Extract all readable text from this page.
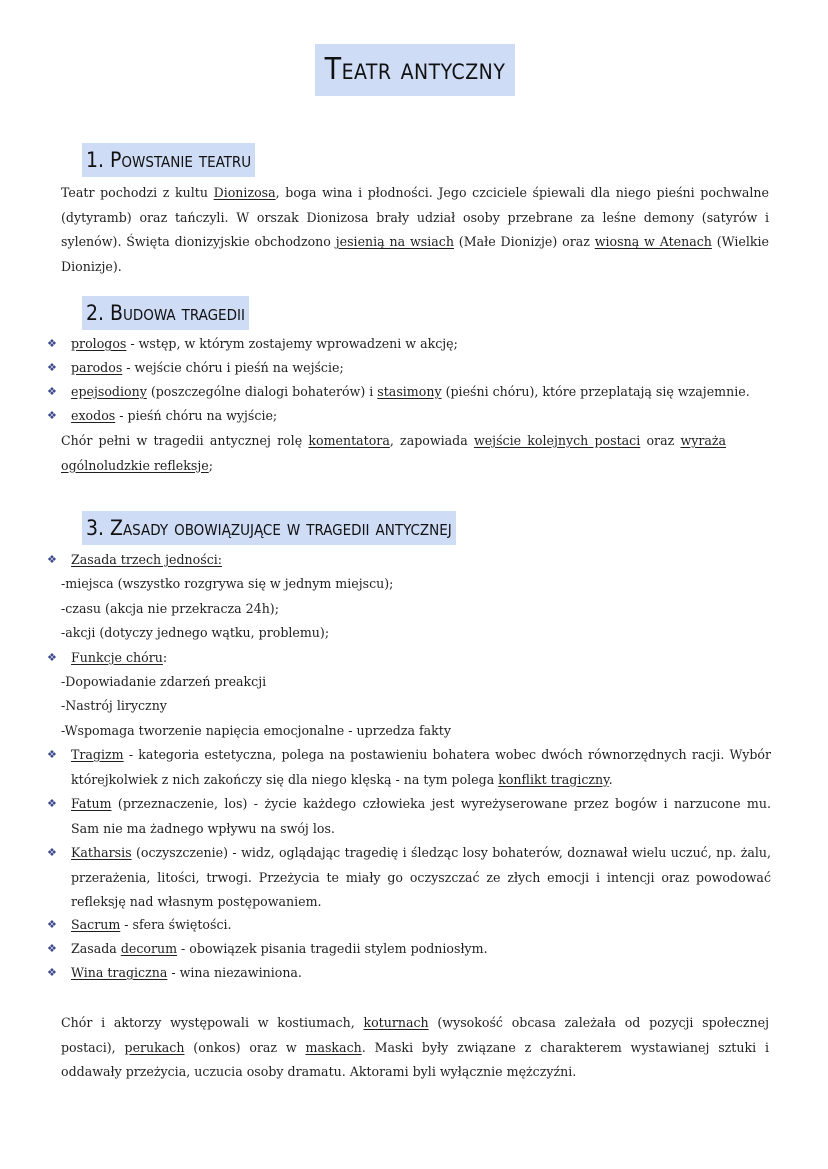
Teatr antyczny
1. Powstanie teatru

Teatr pochodzi z kultu Dionizosa, boga wina i płodności. Jego czciciele śpiewali dla niego pieśni pochwalne (dytyramb) oraz tańczyli. W orszak Dionizosa brały udział osoby przebrane za leśne demony (satyrów i sylenów). Święta dionizyjskie obchodzono jesienią na wsiach (Małe Dionizje) oraz wiosną w Atenach (Wielkie Dionizje).

2. Budowa tragedii
❖ prologos - wstęp, w którym zostajemy wprowadzeni w akcję;

❖ parodos - wejście chóru i pieśń na wejście;

❖ epejsodiony (poszczególne dialogi bohaterów) i stasimony (pieśni chóru), które przeplatają się wzajemnie.

❖ exodos - pieśń chóru na wyjście;

Chór pełni w tragedii antycznej rolę komentatora, zapowiada wejście kolejnych postaci oraz wyraża ogólnoludzkie refleksje;

3. Zasady obowiązujące w tragedii antycznej
❖ Zasada trzech jedności:

-miejsca (wszystko rozgrywa się w jednym miejscu);

-czasu (akcja nie przekracza 24h);

-akcji (dotyczy jednego wątku, problemu);

❖ Funkcje chóru:

-Dopowiadanie zdarzeń preakcji

-Nastrój liryczny

-Wspomaga tworzenie napięcia emocjonalne - uprzedza fakty

❖ Tragizm - kategoria estetyczna, polega na postawieniu bohatera wobec dwóch równorzędnych racji. Wybór którejkolwiek z nich zakończy się dla niego klęską - na tym polega konflikt tragiczny.

❖ Fatum (przeznaczenie, los) - życie każdego człowieka jest wyreżyserowane przez bogów i narzucone mu. Sam nie ma żadnego wpływu na swój los.

❖ Katharsis (oczyszczenie) - widz, oglądając tragedię i śledząc losy bohaterów, doznawał wielu uczuć, np. żalu, przerażenia, litości, trwogi. Przeżycia te miały go oczyszczać ze złych emocji i intencji oraz powodować refleksję nad własnym postępowaniem.

❖ Sacrum - sfera świętości.

❖ Zasada decorum - obowiązek pisania tragedii stylem podniosłym.

❖ Wina tragiczna - wina niezawiniona.

Chór i aktorzy występowali w kostiumach, koturnach (wysokość obcasa zależała od pozycji społecznej postaci), perukach (onkos) oraz w maskach. Maski były związane z charakterem wystawianej sztuki i oddawały przeżycia, uczucia osoby dramatu. Aktorami byli wyłącznie mężczyźni.
